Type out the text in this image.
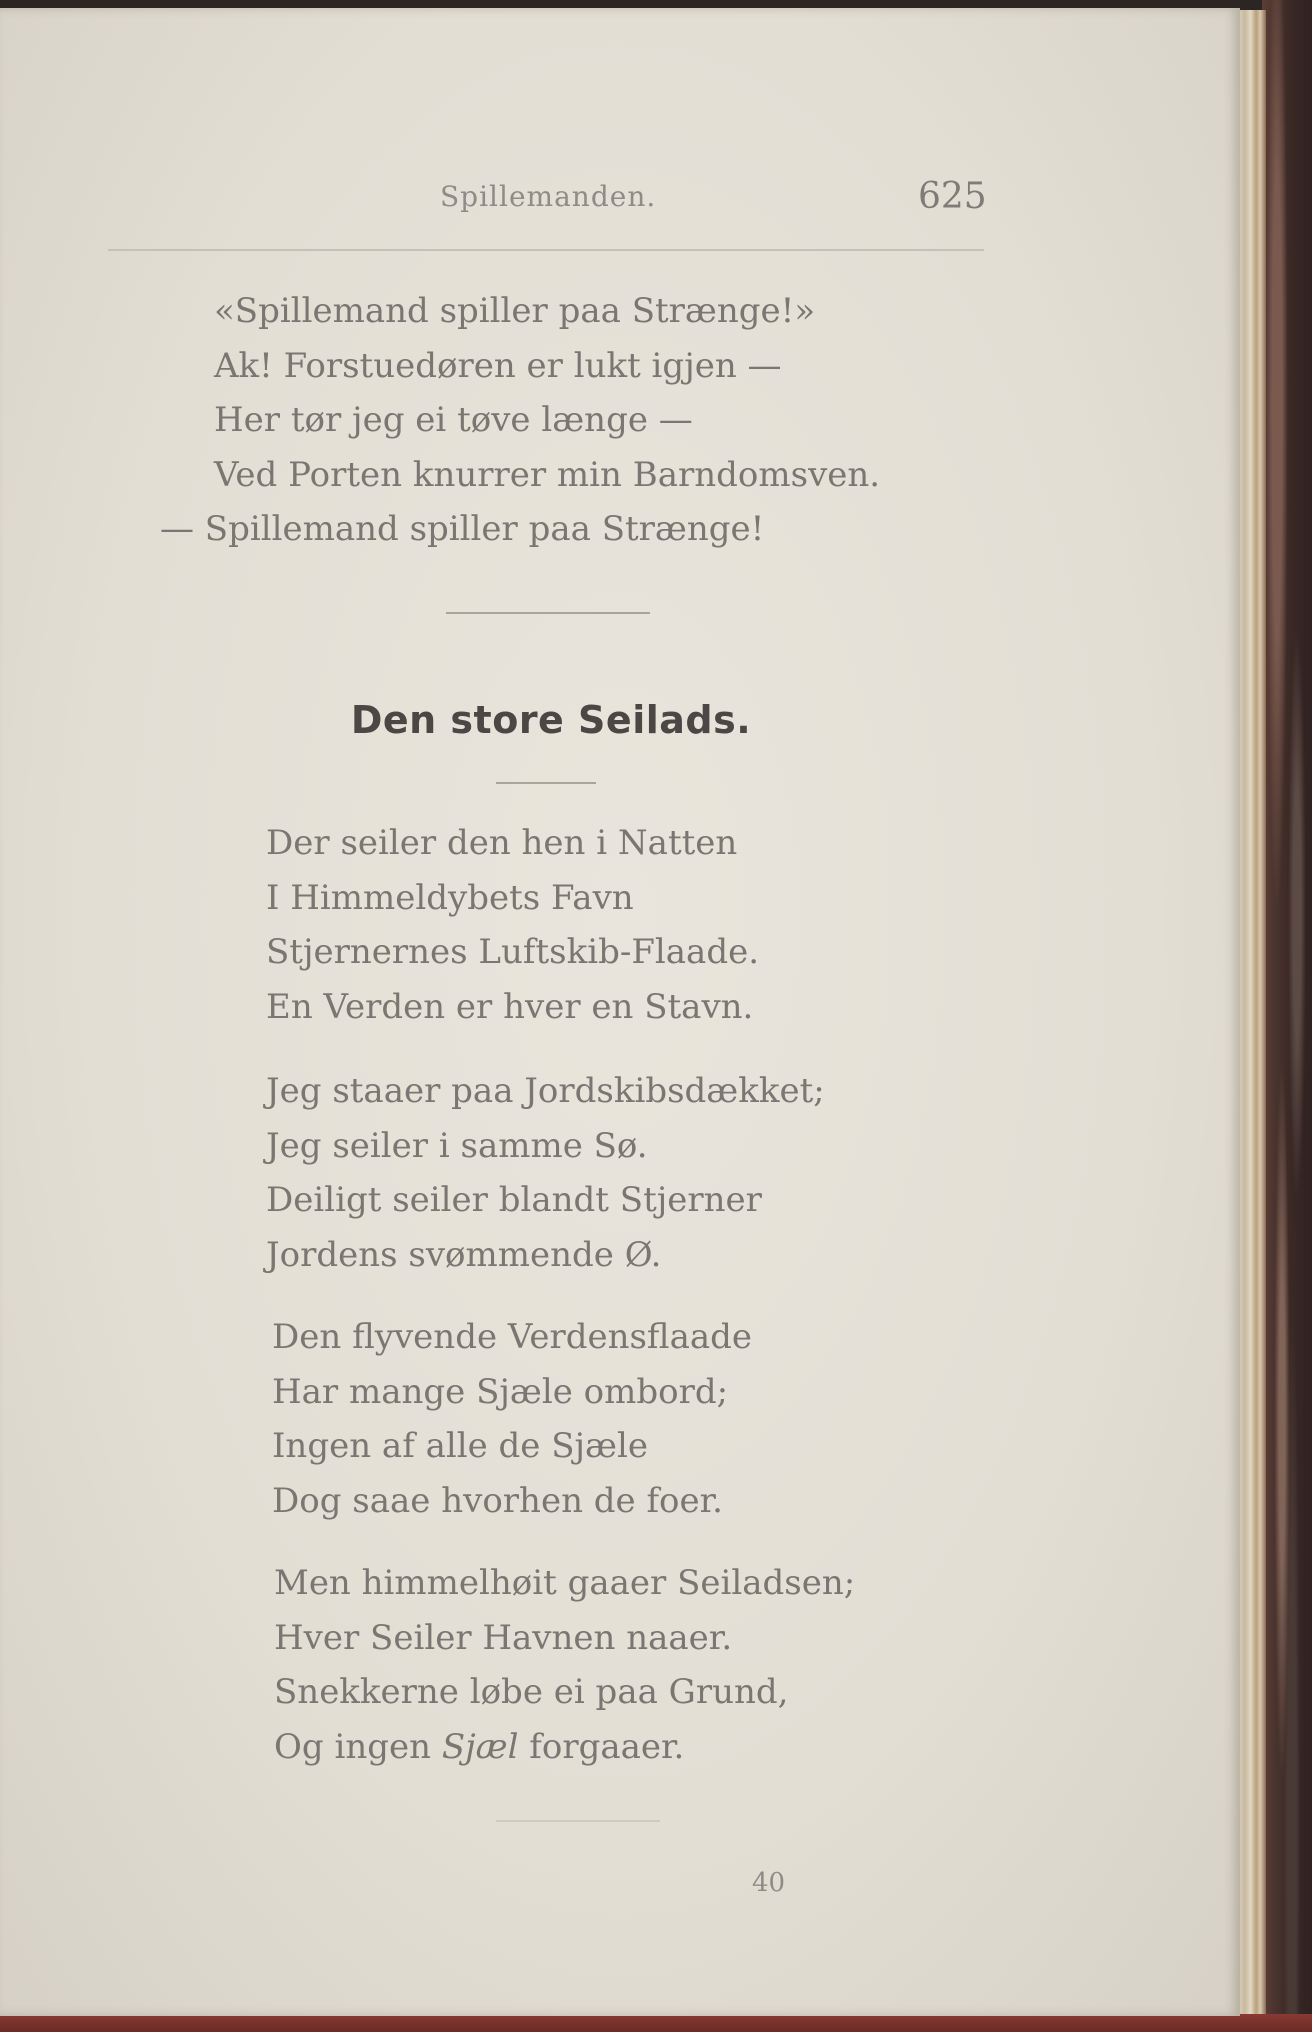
Spillemanden.	625
«Spillemand spiller paa Strænge!»
Ak! Forstuedøren er lukt igjen —
Her tør jeg ei tøve længe —
Ved Porten knurrer min Barndomsven.
— Spillemand spiller paa Strænge!
Den store Seilads.
Der seiler den hen i Natten
I Himmeldybets Favn
Stjernernes Luftskib-Flaade.
En Verden er hver en Stavn.
Jeg staaer paa Jordskibsdækket;
Jeg seiler i samme Sø.
Deiligt seiler blandt Stjerner
Jordens svømmende Ø.
Den flyvende Verdensflaade
Har mange Sjæle ombord;
Ingen af alle de Sjæle
Dog saae hvorhen de foer.
Men himmelhøit gaaer Seiladsen;
Hver Seiler Havnen naaer.
Snekkerne løbe ei paa Grund,
Og ingen Sjæl forgaaer.
40
